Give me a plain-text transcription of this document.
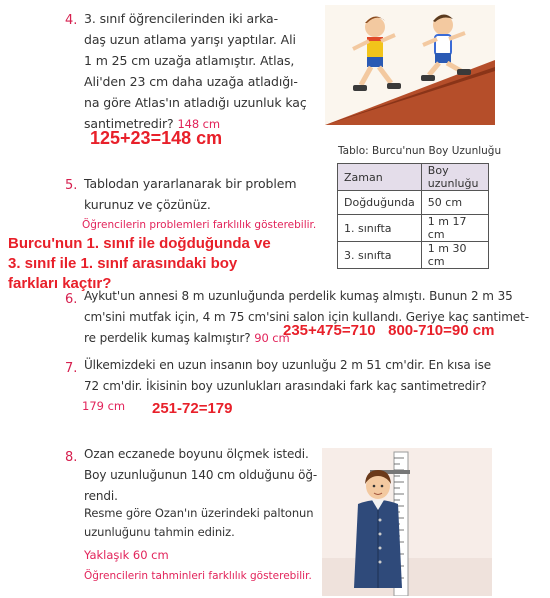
4. 3. sınıf öğrencilerinden iki arka-
daş uzun atlama yarışı yaptılar. Ali
1 m 25 cm uzağa atlamıştır. Atlas,
Ali'den 23 cm daha uzağa atladığı-
na göre Atlas'ın atladığı uzunluk kaç
santimetredir? 148 cm
125+23=148 cm
Tablo: Burcu'nun Boy Uzunluğu
Zaman	Boy uzunluğu
Doğduğunda	50 cm
1. sınıfta	1 m 17 cm
3. sınıfta	1 m 30 cm
5. Tablodan yararlanarak bir problem
kurunuz ve çözünüz.
Öğrencilerin problemleri farklılık gösterebilir.
Burcu'nun 1. sınıf ile doğduğunda ve
3. sınıf ile 1. sınıf arasındaki boy
farkları kaçtır?
6. Aykut'un annesi 8 m uzunluğunda perdelik kumaş almıştı. Bunun 2 m 35
cm'sini mutfak için, 4 m 75 cm'sini salon için kullandı. Geriye kaç santimet-
re perdelik kumaş kalmıştır? 90 cm
235+475=710   800-710=90 cm
7. Ülkemizdeki en uzun insanın boy uzunluğu 2 m 51 cm'dir. En kısa ise
72 cm'dir. İkisinin boy uzunlukları arasındaki fark kaç santimetredir?
179 cm 251-72=179
8. Ozan eczanede boyunu ölçmek istedi.
Boy uzunluğunun 140 cm olduğunu öğ-
rendi.
Resme göre Ozan'ın üzerindeki paltonun
uzunluğunu tahmin ediniz.
Yaklaşık 60 cm
Öğrencilerin tahminleri farklılık gösterebilir.
